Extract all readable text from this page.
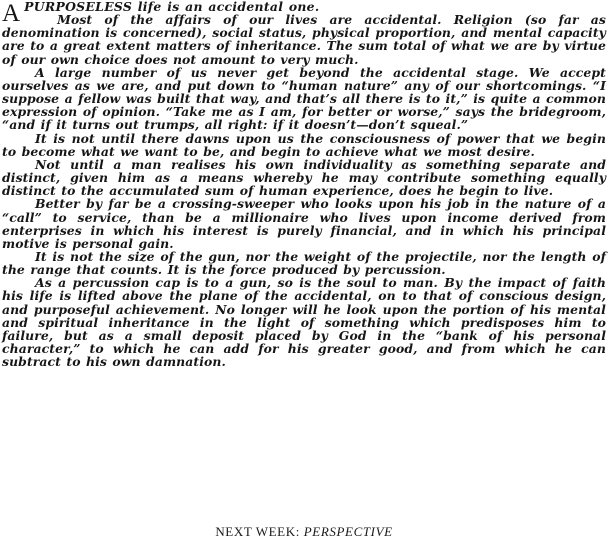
APURPOSELESS life is an accidental one.
Most of the affairs of our lives are accidental. Religion (so far as denomination is concerned), social status, physical proportion, and mental capacity are to a great extent matters of inheritance. The sum total of what we are by virtue of our own choice does not amount to very much.

A large number of us never get beyond the accidental stage. We accept ourselves as we are, and put down to “human nature” any of our shortcomings. “I suppose a fellow was built that way, and that’s all there is to it,” is quite a common expression of opinion. “Take me as I am, for better or worse,” says the bridegroom, “and if it turns out trumps, all right: if it doesn’t—don’t squeal.”

It is not until there dawns upon us the consciousness of power that we begin to become what we want to be, and begin to achieve what we most desire.

Not until a man realises his own individuality as something separate and distinct, given him as a means whereby he may contribute something equally distinct to the accumulated sum of human experience, does he begin to live.

Better by far be a crossing-sweeper who looks upon his job in the nature of a “call” to service, than be a millionaire who lives upon income derived from enterprises in which his interest is purely financial, and in which his principal motive is personal gain.

It is not the size of the gun, nor the weight of the projectile, nor the length of the range that counts. It is the force produced by percussion.

As a percussion cap is to a gun, so is the soul to man. By the impact of faith his life is lifted above the plane of the accidental, on to that of conscious design, and purposeful achievement. No longer will he look upon the portion of his mental and spiritual inheritance in the light of something which predisposes him to failure, but as a small deposit placed by God in the “bank of his personal character,” to which he can add for his greater good, and from which he can subtract to his own damnation.

NEXT WEEK: PERSPECTIVE
